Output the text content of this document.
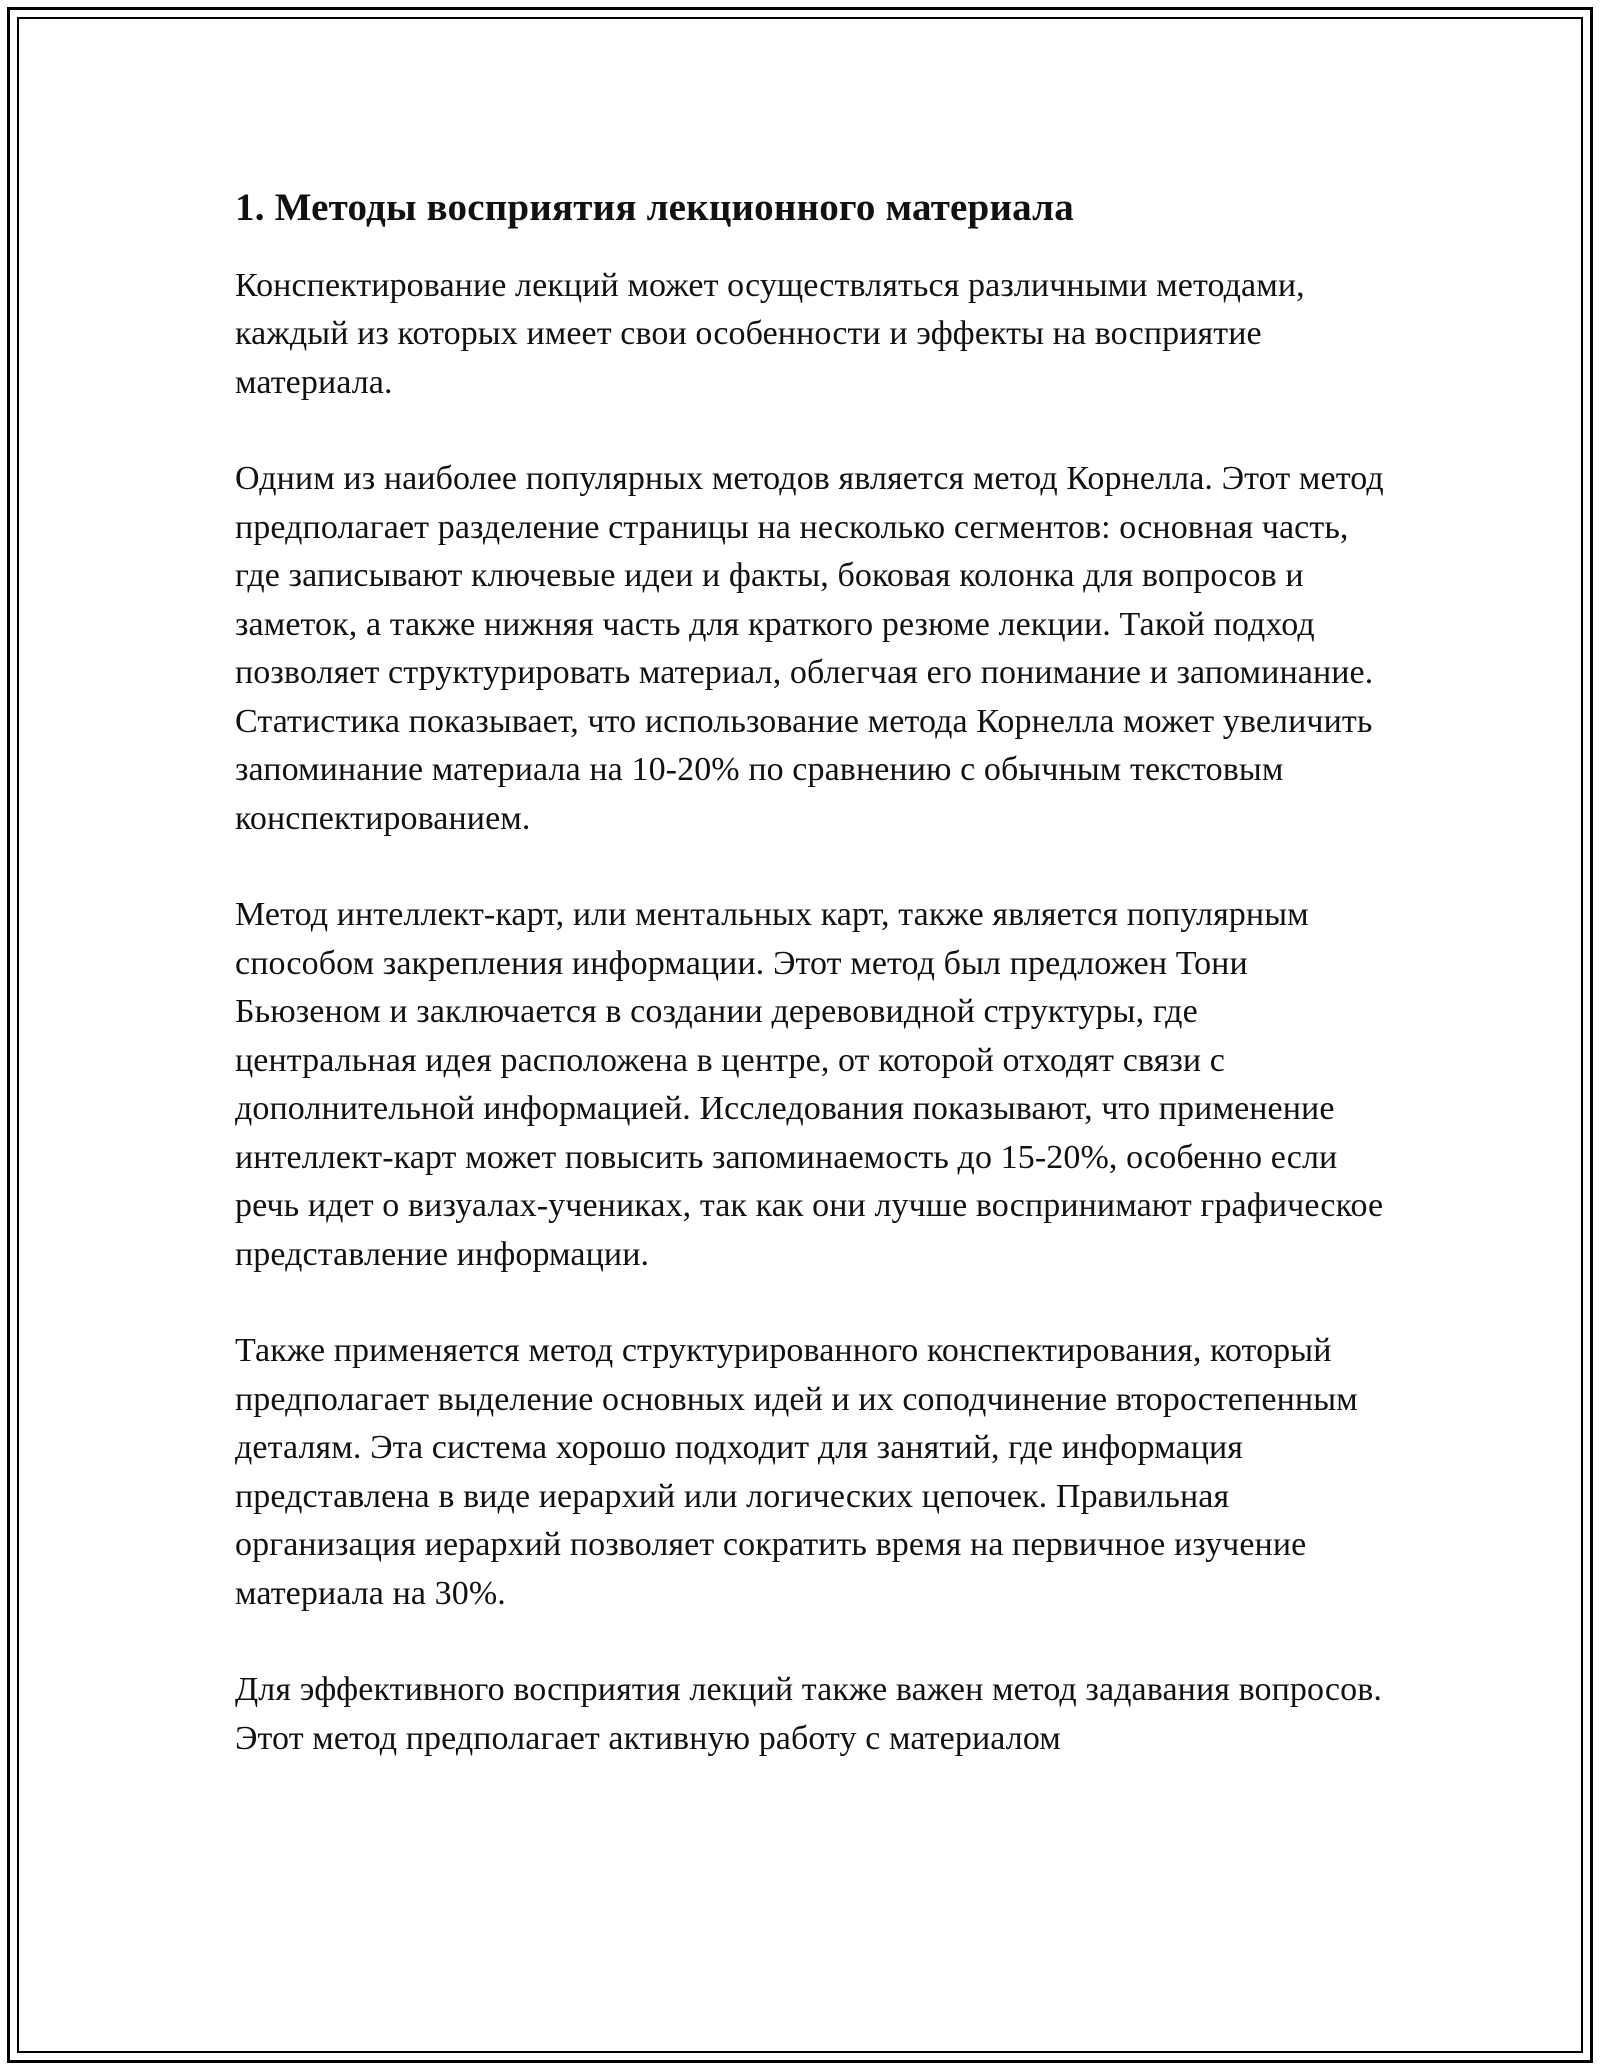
1. Методы восприятия лекционного материала

Конспектирование лекций может осуществляться различными методами, каждый из которых имеет свои особенности и эффекты на восприятие материала.

Одним из наиболее популярных методов является метод Корнелла. Этот метод предполагает разделение страницы на несколько сегментов: основная часть, где записывают ключевые идеи и факты, боковая колонка для вопросов и заметок, а также нижняя часть для краткого резюме лекции. Такой подход позволяет структурировать материал, облегчая его понимание и запоминание. Статистика показывает, что использование метода Корнелла может увеличить запоминание материала на 10-20% по сравнению с обычным текстовым конспектированием.

Метод интеллект-карт, или ментальных карт, также является популярным способом закрепления информации. Этот метод был предложен Тони Бьюзеном и заключается в создании деревовидной структуры, где центральная идея расположена в центре, от которой отходят связи с дополнительной информацией. Исследования показывают, что применение интеллект-карт может повысить запоминаемость до 15-20%, особенно если речь идет о визуалах-учениках, так как они лучше воспринимают графическое представление информации.

Также применяется метод структурированного конспектирования, который предполагает выделение основных идей и их соподчинение второстепенным деталям. Эта система хорошо подходит для занятий, где информация представлена в виде иерархий или логических цепочек. Правильная организация иерархий позволяет сократить время на первичное изучение материала на 30%.

Для эффективного восприятия лекций также важен метод задавания вопросов. Этот метод предполагает активную работу с материалом
